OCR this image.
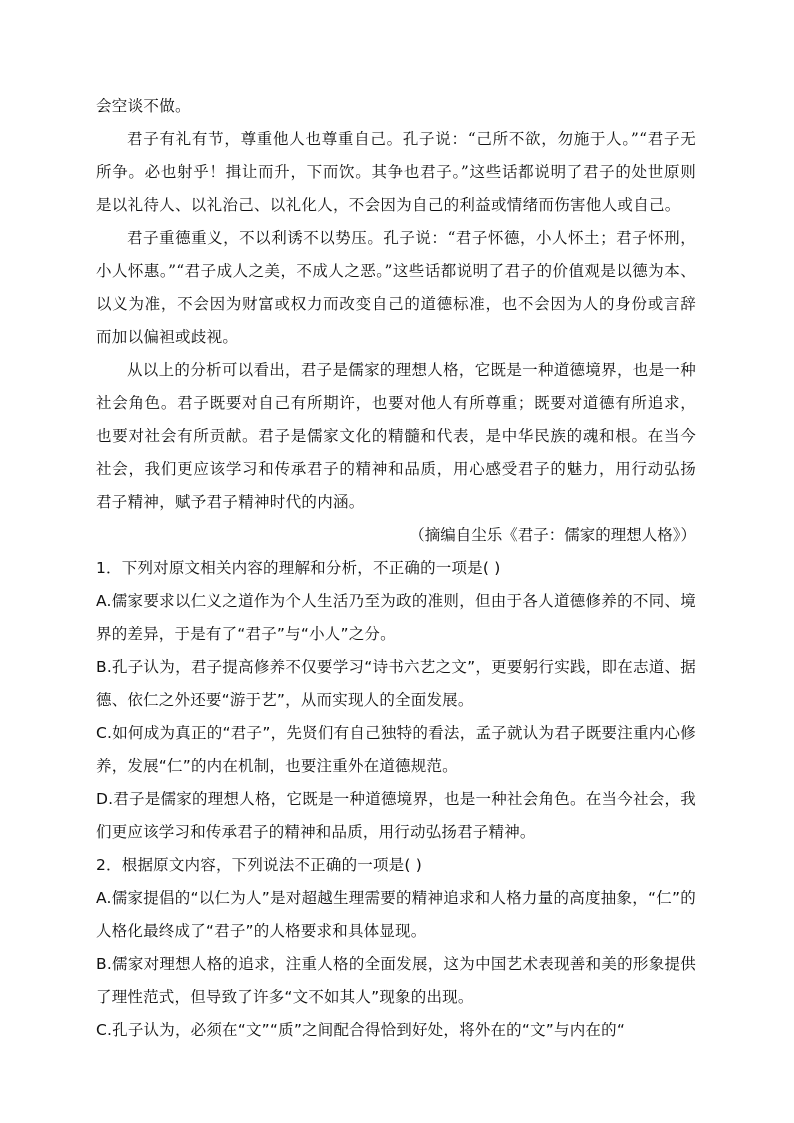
会空谈不做。

君子有礼有节，尊重他人也尊重自己。孔子说：“己所不欲，勿施于人。”“君子无所争。必也射乎！揖让而升，下而饮。其争也君子。”这些话都说明了君子的处世原则是以礼待人、以礼治己、以礼化人，不会因为自己的利益或情绪而伤害他人或自己。

君子重德重义，不以利诱不以势压。孔子说：“君子怀德，小人怀土；君子怀刑，小人怀惠。”“君子成人之美，不成人之恶。”这些话都说明了君子的价值观是以德为本、以义为准，不会因为财富或权力而改变自己的道德标准，也不会因为人的身份或言辞而加以偏袒或歧视。

从以上的分析可以看出，君子是儒家的理想人格，它既是一种道德境界，也是一种社会角色。君子既要对自己有所期许，也要对他人有所尊重；既要对道德有所追求，也要对社会有所贡献。君子是儒家文化的精髓和代表，是中华民族的魂和根。在当今社会，我们更应该学习和传承君子的精神和品质，用心感受君子的魅力，用行动弘扬君子精神，赋予君子精神时代的内涵。

（摘编自尘乐《君子：儒家的理想人格》）

1．下列对原文相关内容的理解和分析，不正确的一项是( )

A.儒家要求以仁义之道作为个人生活乃至为政的准则，但由于各人道德修养的不同、境界的差异，于是有了“君子”与“小人”之分。

B.孔子认为，君子提高修养不仅要学习“诗书六艺之文”，更要躬行实践，即在志道、据德、依仁之外还要“游于艺”，从而实现人的全面发展。

C.如何成为真正的“君子”，先贤们有自己独特的看法，孟子就认为君子既要注重内心修养，发展“仁”的内在机制，也要注重外在道德规范。

D.君子是儒家的理想人格，它既是一种道德境界，也是一种社会角色。在当今社会，我们更应该学习和传承君子的精神和品质，用行动弘扬君子精神。

2．根据原文内容，下列说法不正确的一项是( )

A.儒家提倡的“以仁为人”是对超越生理需要的精神追求和人格力量的高度抽象，“仁”的人格化最终成了“君子”的人格要求和具体显现。

B.儒家对理想人格的追求，注重人格的全面发展，这为中国艺术表现善和美的形象提供了理性范式，但导致了许多“文不如其人”现象的出现。

C.孔子认为，必须在“文”“质”之间配合得恰到好处，将外在的“文”与内在的“
